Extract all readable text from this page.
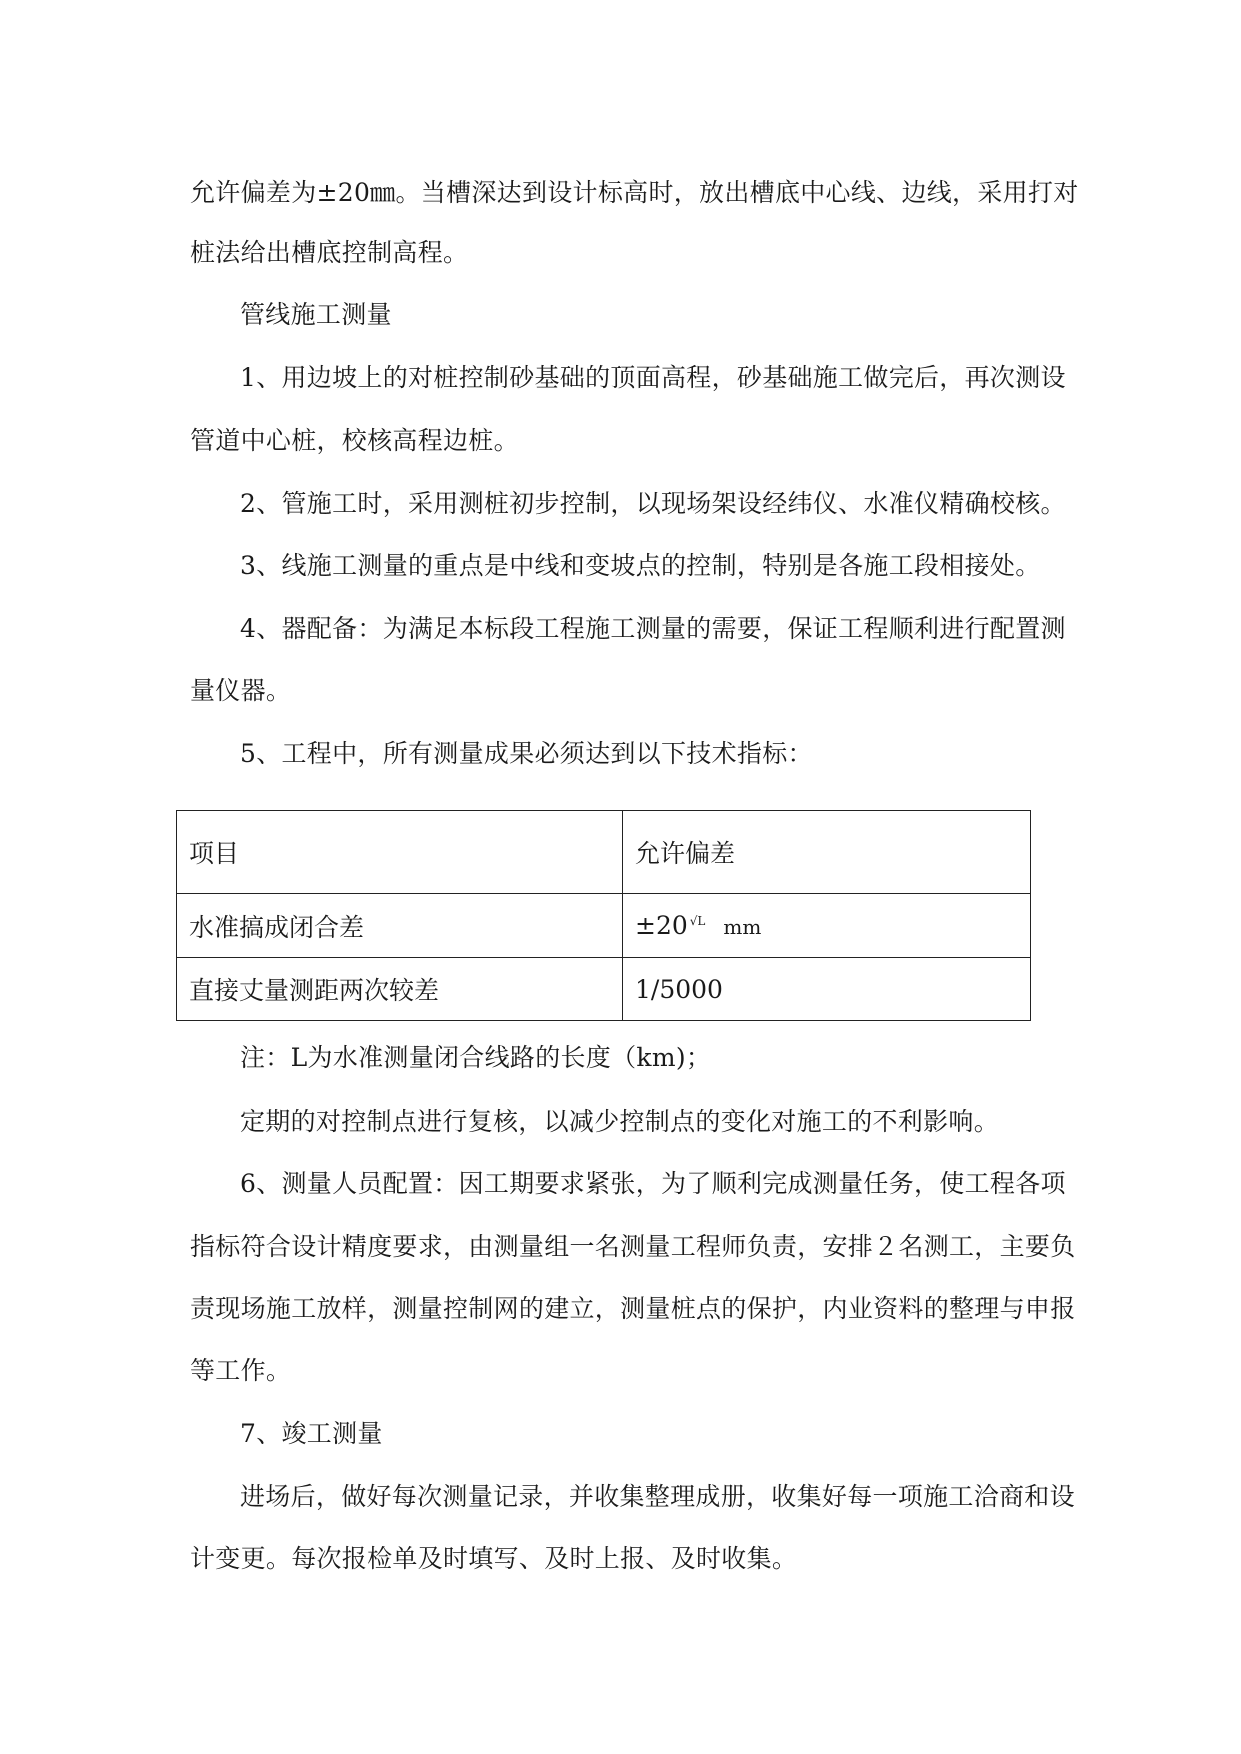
允许偏差为±20㎜。当槽深达到设计标高时，放出槽底中心线、边线，采用打对
桩法给出槽底控制高程。
管线施工测量
1、用边坡上的对桩控制砂基础的顶面高程，砂基础施工做完后，再次测设
管道中心桩，校核高程边桩。
2、管施工时，采用测桩初步控制，以现场架设经纬仪、水准仪精确校核。
3、线施工测量的重点是中线和变坡点的控制，特别是各施工段相接处。
4、器配备：为满足本标段工程施工测量的需要，保证工程顺利进行配置测
量仪器。
5、工程中，所有测量成果必须达到以下技术指标：
项目	允许偏差
水准搞成闭合差	±20 $^{√L}$ mm
直接丈量测距两次较差	1/5000
注：L为水准测量闭合线路的长度（km)；
定期的对控制点进行复核，以减少控制点的变化对施工的不利影响。
6、测量人员配置：因工期要求紧张，为了顺利完成测量任务，使工程各项
指标符合设计精度要求，由测量组一名测量工程师负责，安排２名测工，主要负
责现场施工放样，测量控制网的建立，测量桩点的保护，内业资料的整理与申报
等工作。
7、竣工测量
进场后，做好每次测量记录，并收集整理成册，收集好每一项施工洽商和设
计变更。每次报检单及时填写、及时上报、及时收集。
